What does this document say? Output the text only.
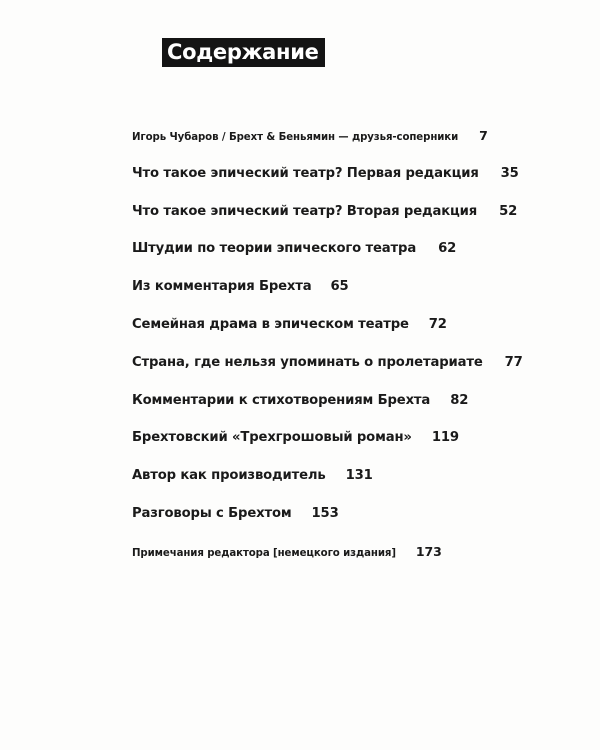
Содержание
Игорь Чубаров / Брехт & Беньямин — друзья-соперники 7
Что такое эпический театр? Первая редакция 35
Что такое эпический театр? Вторая редакция 52
Штудии по теории эпического театра 62
Из комментария Брехта 65
Семейная драма в эпическом театре 72
Страна, где нельзя упоминать о пролетариате 77
Комментарии к стихотворениям Брехта 82
Брехтовский «Трехгрошовый роман» 119
Автор как производитель 131
Разговоры с Брехтом 153
Примечания редактора [немецкого издания] 173
